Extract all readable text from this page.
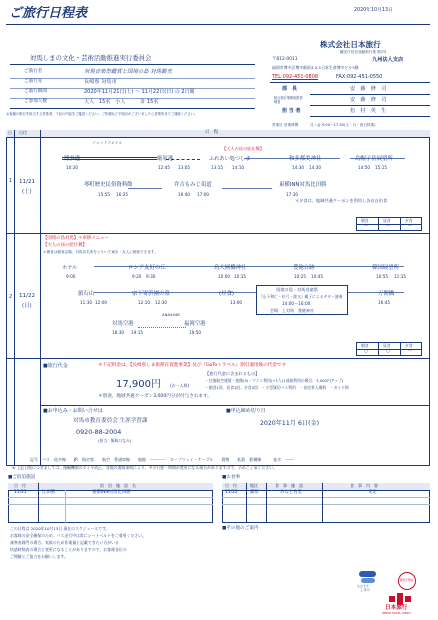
ご旅行日程表	2020年10月13日
対馬しまの文化・芸術活動推進実行委員会
ご旅行名	対馬音楽祭鑑賞と国境の島 対馬観光
ご旅行先	長崎県 対馬市
ご旅行期間	2020年11月21日(土) ～ 11月22日(日) の 2日間
ご参加人数	大人　15名　小人　　　計 15名
お客様の旅行を担当する営業者、下記の内容をご確認ください。ご依頼など不明点がございましたら営業所までご連絡ください。
株式会社日本旅行
観光庁長官登録旅行業 第2号
〒812-0011	九州法人支店
福岡市博多区博多駅前3-2-1日本生命博多ビル3階
TEL:092-451-0808	FAX:092-451-0550
部　長	安　藤　修　司
総合旅行業務取扱管理者	安　藤　修　司
担 当 者	松　村　英　生
営業日 営業時間	月～金 9:00～17:30(土・日・祝日休業)
日 日付	日　程
1 11/21
(土)
ジェットフォイル
【大人の昼の給仕舞】
博多港
10:30
厳原港
12:45 13:05
ふれあい処つしま
13:15 14:10
和多都美神社
14:30 14:30
烏帽子岳展望所
14:50 15:15
琴町歴史民俗資料館
15:55 16:25
弁吉もみじ街道
16:40 17:00
東横INN対馬比田勝
17:30
＊夕食は、地域共通クーポンを利用し各自自由食
朝食	昼食	夕食
ー	ー	ー
【国境の島対馬】＊車移メニュー
【大人の昼の給仕舞】
＊朝食は朝食会場、対馬各名所をとりいて東京・友人に朝食できます。
2 11/22
(日)
ホテル
9:00
ロシア友好の丘
9:20 9:30
鳥大圃橋神社
10:00 10:15
豊砲台跡
10:25 10:45
韓国展望所
10:55 11:15
旅石山
11:30 12:00
宗下寄浜園の墓
12:10 12:30
(昼食)
13:00
万関橋
16:45
国境の島・対馬音楽祭
『山下和仁・紅弓・波父』親子によるギター演奏
14:00～16:00
会場：上対馬　豊陵神社
ANA4948
対馬空港
18:30 19:15
福岡空港
19:50
朝食	昼食	夕食
○	○	ー
■旅行代金	＊下記料金は、【長崎県しま旅滞在促進事業】及び『GoToトラベル』割引適用後の代金です
【旅行代金に含まれるもの】
・往復航空運賃・旅館(5)・ツイン利用(+1人(1部屋利用の場合、3,000円アップ)
・朝食1回、昼食1回、夕食0回　・小型貸切バス利用　・首里茶入場料　・ガイド料
17,900円 (お一人様)
＊別途、地域共通クーポン3,000円分が付与されます。
■お申込み・お問い合せは
対馬市教育委員会 生涯学習課
0920-88-2004
(担当：飯崎ひなみ)
■申込締め切り日
2020年11月 6日(金)
記号　バス　徒歩線　　JR　指定席　　航空　普通車線　　船舶　～～～～　ロープウェイ・ケーブル　　貨物　　私鉄　鉄鋼線　　　徒歩　------
※ 上記日程につきましては、運輸機関のダイヤ改正、各地の道路事情により、多少行程・時間が変更になる場合がありますので、予めご了承ください。
■ご宿泊施設
日　付	宿　泊　施　設　名
11/21	比田勝	東横INN対馬比田勝
■お食事
日　付	地区	食　事　施　設	食　事　内　容
11/22	厳原	みなと食堂	未定
この日程は 2020年10月13日 現在のスケジュールです。
お客様の安全確保のため、バス走行中は常にシートベルトをご着用ください。
凍寒表岡門の場合、気候のため作業量と記載できたい方がいる
快諾時刻表の場合と変更になることがありますので、お客様各位の
ご理解とご協力をお願いします。
■その他のご案内
ながさき
しまの
観光庁登録
日本旅行
NIPPON TRAVEL AGENCY
